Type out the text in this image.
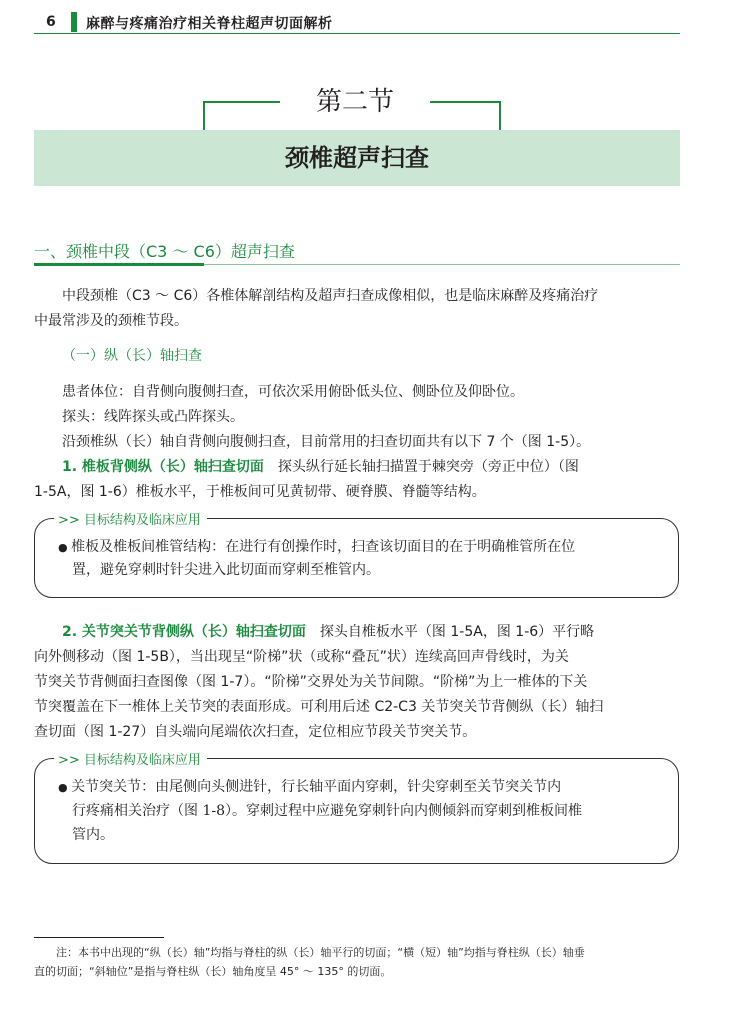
6 麻醉与疼痛治疗相关脊柱超声切面解析
第二节
颈椎超声扫查
一、颈椎中段（C3 ～ C6）超声扫查
中段颈椎（C3 ～ C6）各椎体解剖结构及超声扫查成像相似，也是临床麻醉及疼痛治疗
中最常涉及的颈椎节段。
（一）纵（长）轴扫查
患者体位：自背侧向腹侧扫查，可依次采用俯卧低头位、侧卧位及仰卧位。
探头：线阵探头或凸阵探头。
沿颈椎纵（长）轴自背侧向腹侧扫查，目前常用的扫查切面共有以下 7 个（图 1-5）。
1. 椎板背侧纵（长）轴扫查切面　探头纵行延长轴扫描置于棘突旁（旁正中位）（图
1-5A，图 1-6）椎板水平，于椎板间可见黄韧带、硬脊膜、脊髓等结构。
>> 目标结构及临床应用
● 椎板及椎板间椎管结构：在进行有创操作时，扫查该切面目的在于明确椎管所在位
置，避免穿刺时针尖进入此切面而穿刺至椎管内。
2. 关节突关节背侧纵（长）轴扫查切面　探头自椎板水平（图 1-5A，图 1-6）平行略
向外侧移动（图 1-5B），当出现呈“阶梯”状（或称“叠瓦”状）连续高回声骨线时，为关
节突关节背侧面扫查图像（图 1-7）。“阶梯”交界处为关节间隙。“阶梯”为上一椎体的下关
节突覆盖在下一椎体上关节突的表面形成。可利用后述 C2-C3 关节突关节背侧纵（长）轴扫
查切面（图 1-27）自头端向尾端依次扫查，定位相应节段关节突关节。
>> 目标结构及临床应用
● 关节突关节：由尾侧向头侧进针，行长轴平面内穿刺，针尖穿刺至关节突关节内
行疼痛相关治疗（图 1-8）。穿刺过程中应避免穿刺针向内侧倾斜而穿刺到椎板间椎
管内。
注：本书中出现的“纵（长）轴”均指与脊柱的纵（长）轴平行的切面；“横（短）轴”均指与脊柱纵（长）轴垂
直的切面；“斜轴位”是指与脊柱纵（长）轴角度呈 45° ～ 135° 的切面。
